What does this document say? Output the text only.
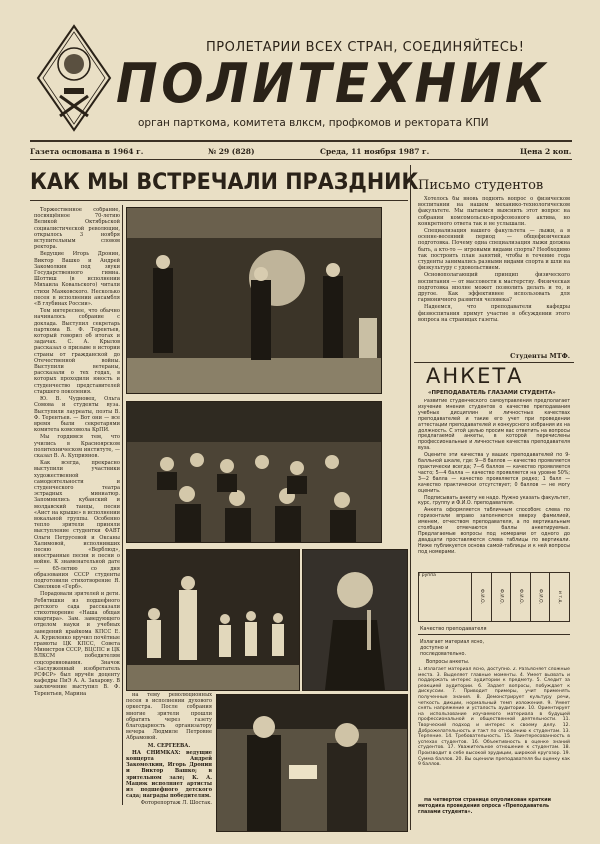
ПРОЛЕТАРИИ ВСЕХ СТРАН, СОЕДИНЯЙТЕСЬ!
ПОЛИТЕХНИК
орган парткома, комитета влксм, профкомов и ректората КПИ
Газета основана в 1964 г.	№ 29 (828)	Среда, 11 ноября 1987 г.	Цена 2 коп.
КАК МЫ ВСТРЕЧАЛИ ПРАЗДНИК

Торжественное собрание, посвящённое 70-летию Великой Октябрьской социалистической революции, открылось 3 ноября вступительным словом ректора.

Ведущие Игорь Дронин, Виктор Вашко и Андрей Закомолкин под звуки Государственного гимна. Шоттиш (в исполнении Михаила Ковальского) читали стихи Маяковского. Несколько песен в исполнении ансамбля «В глубинах России».

Тем интереснее, что обычно начиналось собрание с доклада. Выступил секретарь парткома В. Ф. Терентьев, который говорил об итогах и задачах. С. А. Крылов рассказал о призыве в истории страны от гражданской до Отечественной войны. Выступили ветераны, рассказали о тех годах, в которых проходили юность и студенчество представителей старшего поколения.

Ю. В. Чудновец, Ольга Сомова и студенты вуза. Выступили лауреаты, поэты В. Ф. Терентьев. — Вот они — все время были секретарями комитета комсомола КрПИ.

Мы гордимся тем, что учились в Красноярском политехническом институте, — сказал В. А. Куприянов.

Как всегда, прекрасно выступили участники художественной самодеятельности и студенческого театра эстрадных миниатюр. Запомнились кубанский и молдавский танцы, песни «Аист на крыше» в исполнении вокальной группы. Особенно тепло зрители приняли выступление студентки ФАВТ Ольги Петрусевой и Оксаны Халимовой, исполнивших песню «Верблюд», иностранные песни и песни о войне. К знаменательной дате — 65-летию со дня образования СССР студенты подготовили стихотворение Я. Смеляков «Герб».

Порадовали зрителей и дети. Ребятишки из подшефного детского сада рассказали стихотворение «Наша общая квартира». Зам. заведующего отделом науки и учебных заведений крайкома КПСС Е. А. Куриленко вручил почётные грамоты ЦК КПСС, Совета Министров СССР, ВЦСПС и ЦК ВЛКСМ победителям соцсоревнования. Значок «Заслуженный изобретатель РСФСР» был вручён доценту кафедры ПиЭ А. А. Захарову. В заключение выступил В. Ф. Терентьев, Марина	на тему революционных песен в исполнении духового оркестра. После собрания многие зрители прошли обратить через газету благодарность организатору вечера Людмиле Петровне Абрамовой.

М. СЕРГЕЕВА.

НА СНИМКАХ: ведущие концерта Андрей Закомолкин, Игорь Дронин и Виктор Вашко; в зрительном зале; К. А. Мацюк исполняет артисты из подшефного детского сада; награды победителям.

Фоторепортаж Л. Шостак.

Письмо студентов

Хотелось бы вновь поднять вопрос о физическом воспитании на нашем механико-технологическом факультете. Мы пытаемся выяснить этот вопрос на собрании комсомольско-профсоюзного актива, но конкретного ответа так и не услышали.

Специализация нашего факультета — лыжи, а в осенне-весенний период — общефизическая подготовка. Почему одна специализация лыжи должна быть, а кто-то — игровыми видами спорта? Необходимо так построить план занятий, чтобы в течение года студенты занимались разными видами спорта и шли на физкультуру с удовольствием.

Основополагающий принцип физического воспитания — от массовости к мастерству. Физическая подготовка вполне может позволить делать и то, и другое. Как эффективнее использовать для гармоничного развития человека?

Надеемся, что преподаватели кафедры физвоспитания примут участие в обсуждении этого вопроса на страницах газеты.

Студенты МТФ.
АНКЕТА
«ПРЕПОДАВАТЕЛЬ ГЛАЗАМИ СТУДЕНТА»

Развитие студенческого самоуправления предполагает изучение мнения студентов о качестве преподавания учебных дисциплин и личностных качествах преподавателей и такие его учет при проведении аттестации преподавателей и конкурсного избрания их на должность. С этой целью просим вас ответить на вопросы предлагаемой анкеты, в которой перечислены профессиональные и личностные качества преподавателя вуза.

Оцените эти качества у ваших преподавателей по 9-балльной шкале, где: 9—8 баллов — качество проявляется практически всегда; 7—6 баллов — качество проявляется часто; 5—4 балла — качество проявляется на уровне 50%; 3—2 балла — качество проявляется редко; 1 балл — качество практически отсутствует; 0 баллов — не могу оценить.

Подписывать анкету не надо. Нужно указать факультет, курс, группу и Ф.И.О. преподавателя.

Анкета оформляется табличным способом: слева по горизонтали вправо заполняются вверху фамилией, именем, отчеством преподавателя, а по вертикальным столбцам отмечаются баллы анкетируемых. Предлагаемые вопросы под номерами от одного до двадцати проставляются слева таблицы по вертикали. Ниже публикуется основа самой-таблицы и к ней вопросы под номерами.

Группа	Ф.И.О.	Ф.И.О.	Ф.И.О.	Ф.И.О.	и т.д.

Качество преподавателя
Излагает материал ясно, доступно и последовательно.
Вопросы анкеты.
1. Излагает материал ясно, доступно. 2. Разъясняет сложные места. 3. Выделяет главные моменты. 4. Умеет вызвать и поддержать интерес аудитории к предмету. 5. Следит за реакцией аудитории. 6. Задает вопросы, побуждает к дискуссии. 7. Приводит примеры, учит применять полученные знания. 8. Демонстрирует культуру речи, четкость дикции, нормальный темп изложения. 9. Умеет снять напряжение и усталость аудитории. 10. Ориентирует на использование изучаемого материала в будущей профессиональной и общественной деятельности. 11. Творческий подход и интерес к своему делу. 12. Доброжелательность и такт по отношению к студентам. 13. Терпение. 14. Требовательность. 15. Заинтересованность в успехах студентов. 16. Объективность в оценке знаний студентов. 17. Уважительное отношение к студентам. 18. Производит в себе высокой эрудиции, широкой кругозор. 19. Сумма баллов. 20. Вы оценили преподавателя бы оценку как 9 баллов.
На четвертой странице опубликован краткий методика проведения опроса «Преподаватель глазами студента».
